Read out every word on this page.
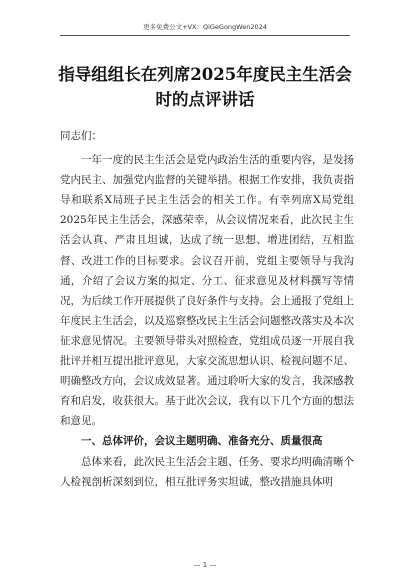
更多免费公文+VX：QiGeGongWen2024
指导组组长在列席2025年度民主生活会
时的点评讲话

同志们：

一年一度的民主生活会是党内政治生活的重要内容，是发扬党内民主、加强党内监督的关键举措。根据工作安排，我负责指导和联系X局班子民主生活会的相关工作。有幸列席X局党组2025年民主生活会，深感荣幸，从会议情况来看，此次民主生活会认真、严肃且坦诚，达成了统一思想、增进团结，互相监督、改进工作的目标要求。会议召开前，党组主要领导与我沟通，介绍了会议方案的拟定、分工、征求意见及材料撰写等情况，为后续工作开展提供了良好条件与支持。会上通报了党组上年度民主生活会，以及巡察整改民主生活会问题整改落实及本次征求意见情况。主要领导带头对照检查，党组成员逐一开展自我批评并相互提出批评意见，大家交流思想认识、检视问题不足、明确整改方向，会议成效显著。通过聆听大家的发言，我深感教育和启发，收获很大。基于此次会议，我有以下几个方面的想法和意见。

一、总体评价，会议主题明确、准备充分、质量很高

总体来看，此次民主生活会主题、任务、要求均明确清晰个人检视剖析深刻到位，相互批评务实坦诚，整改措施具体明

— 1 —
